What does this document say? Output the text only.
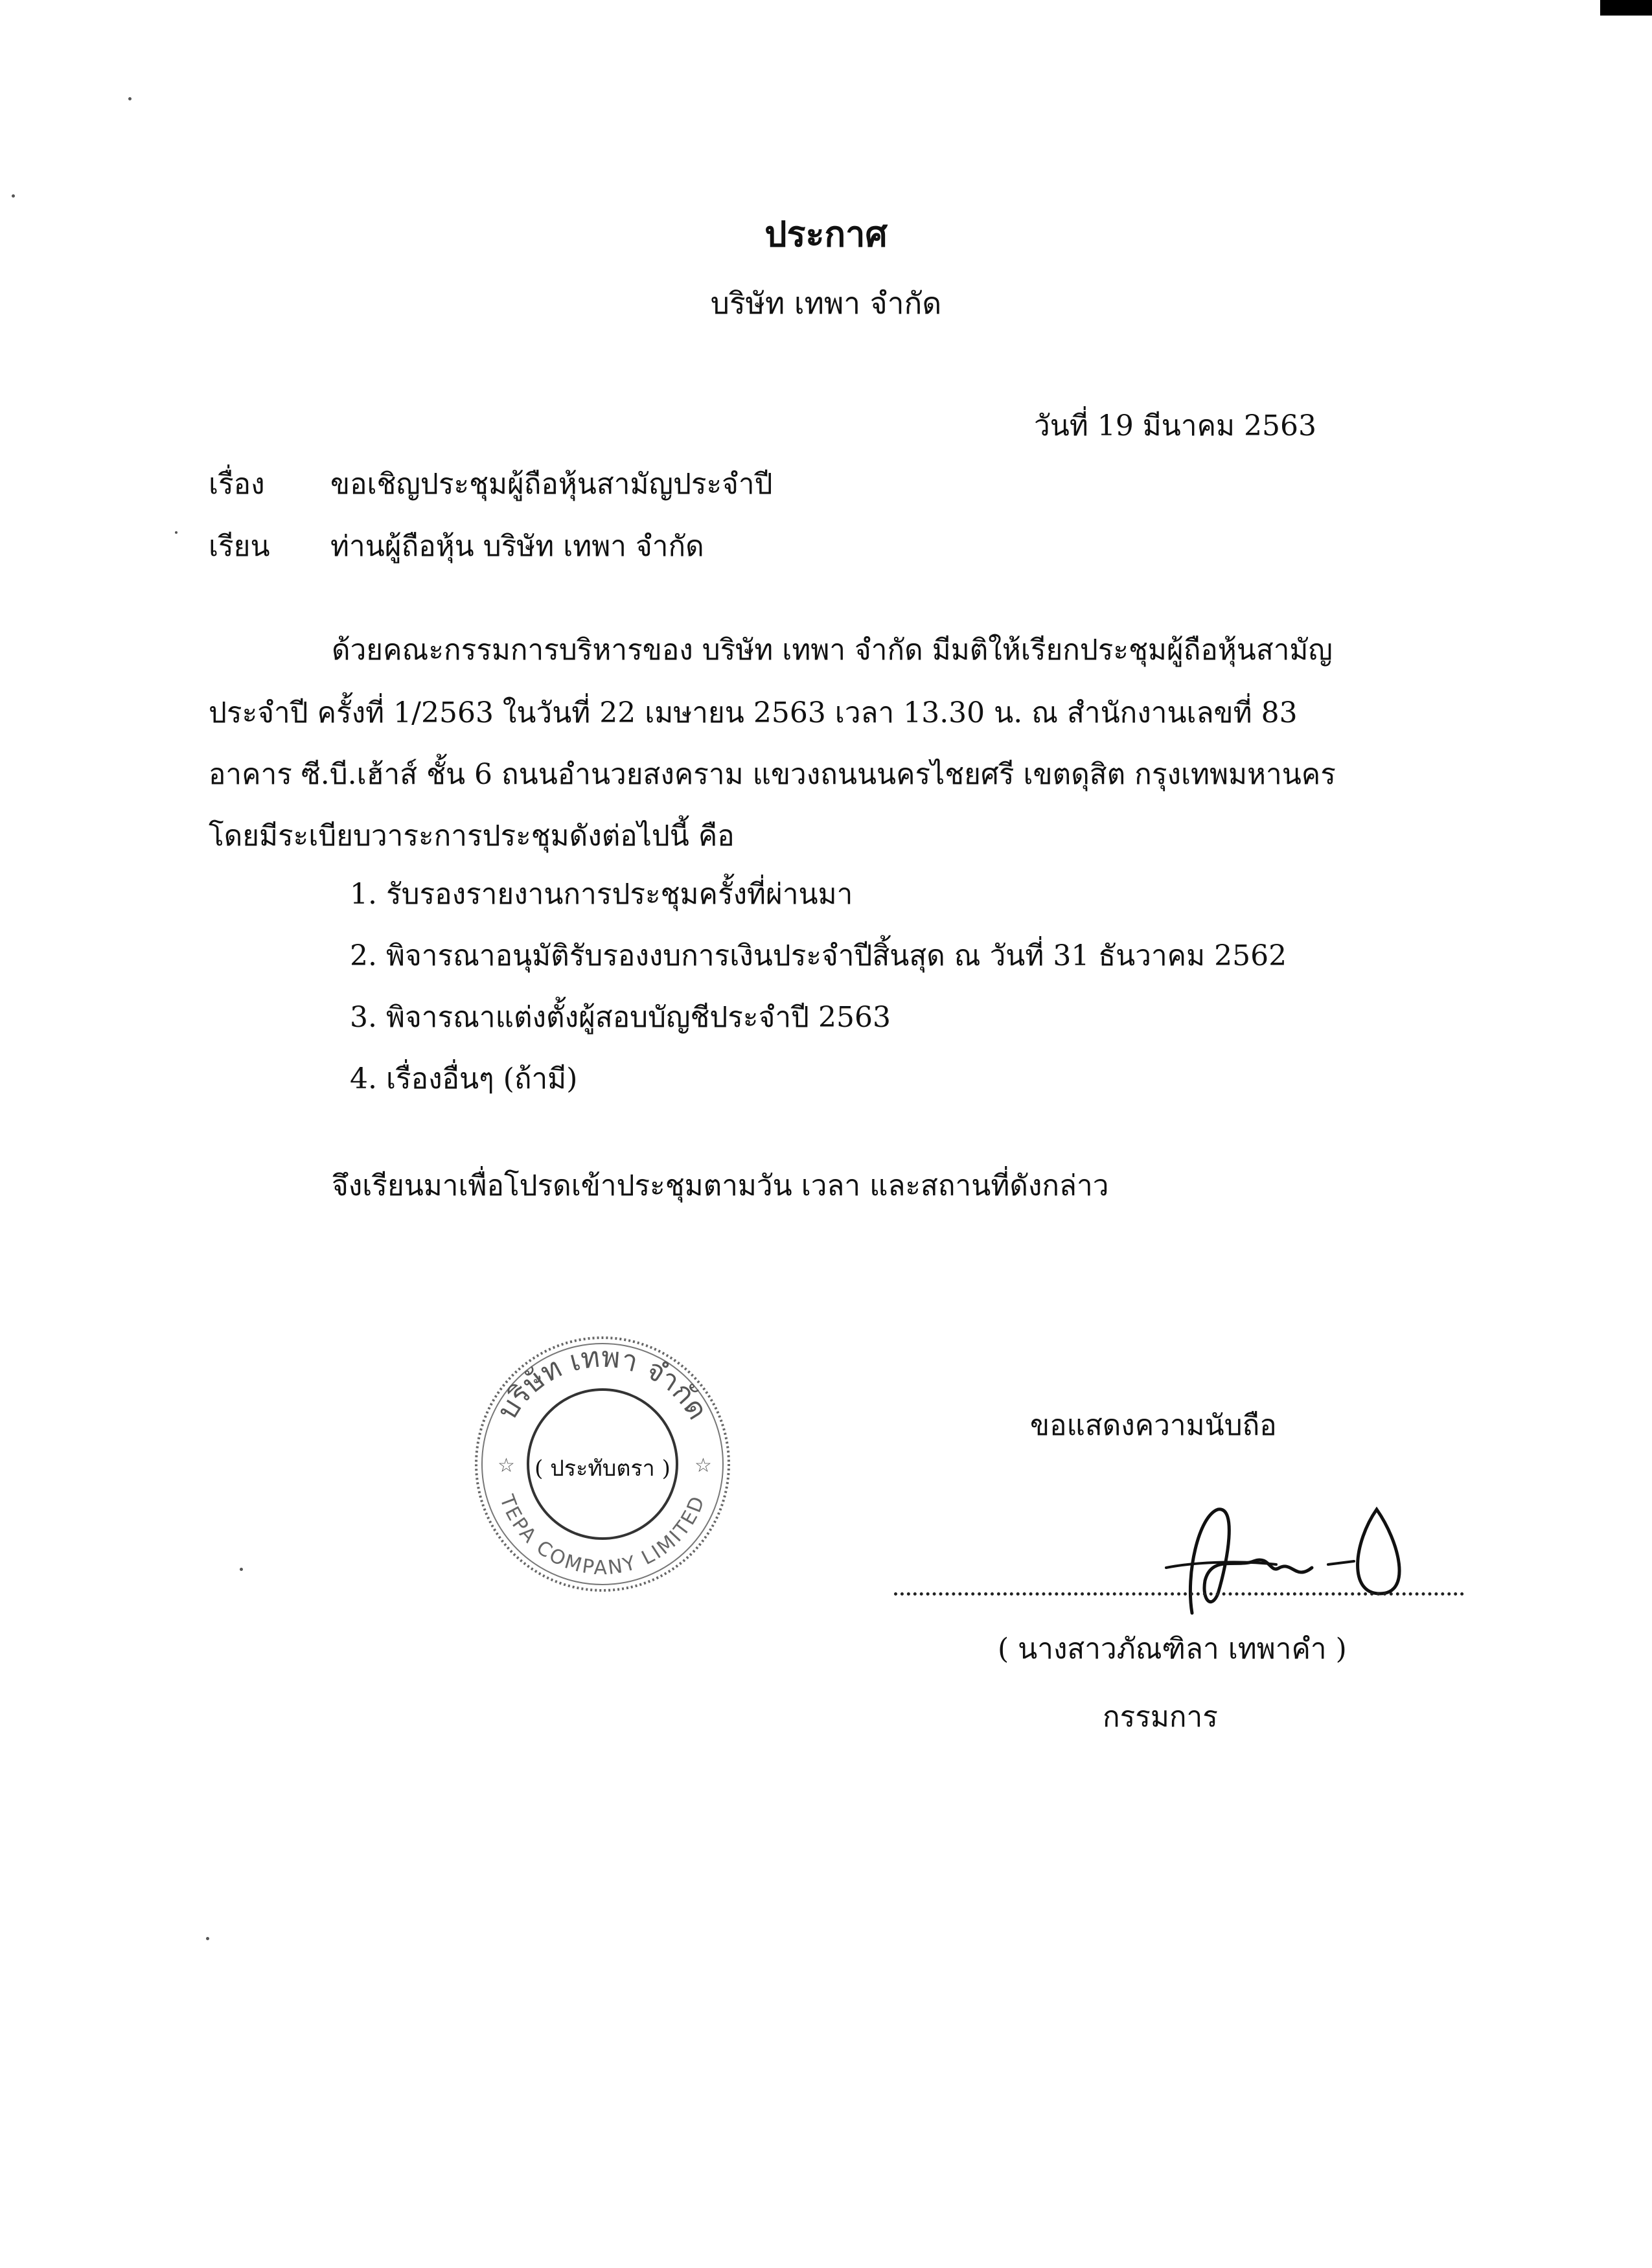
ประกาศ
บริษัท เทพา จำกัด
วันที่ 19 มีนาคม 2563
เรื่อง ขอเชิญประชุมผู้ถือหุ้นสามัญประจำปี
เรียน ท่านผู้ถือหุ้น บริษัท เทพา จำกัด
ด้วยคณะกรรมการบริหารของ บริษัท เทพา จำกัด มีมติให้เรียกประชุมผู้ถือหุ้นสามัญ
ประจำปี ครั้งที่ 1/2563 ในวันที่ 22 เมษายน 2563 เวลา 13.30 น. ณ สำนักงานเลขที่ 83
อาคาร ซี.บี.เฮ้าส์ ชั้น 6 ถนนอำนวยสงคราม แขวงถนนนครไชยศรี เขตดุสิต กรุงเทพมหานคร
โดยมีระเบียบวาระการประชุมดังต่อไปนี้ คือ
1. รับรองรายงานการประชุมครั้งที่ผ่านมา
2. พิจารณาอนุมัติรับรองงบการเงินประจำปีสิ้นสุด ณ วันที่ 31 ธันวาคม 2562
3. พิจารณาแต่งตั้งผู้สอบบัญชีประจำปี 2563
4. เรื่องอื่นๆ (ถ้ามี)
จึงเรียนมาเพื่อโปรดเข้าประชุมตามวัน เวลา และสถานที่ดังกล่าว
บริษัท เทพา จำกัด
TEPA COMPANY LIMITED
☆	☆
( ประทับตรา )
ขอแสดงความนับถือ
( นางสาวภัณฑิลา เทพาคำ )
กรรมการ
